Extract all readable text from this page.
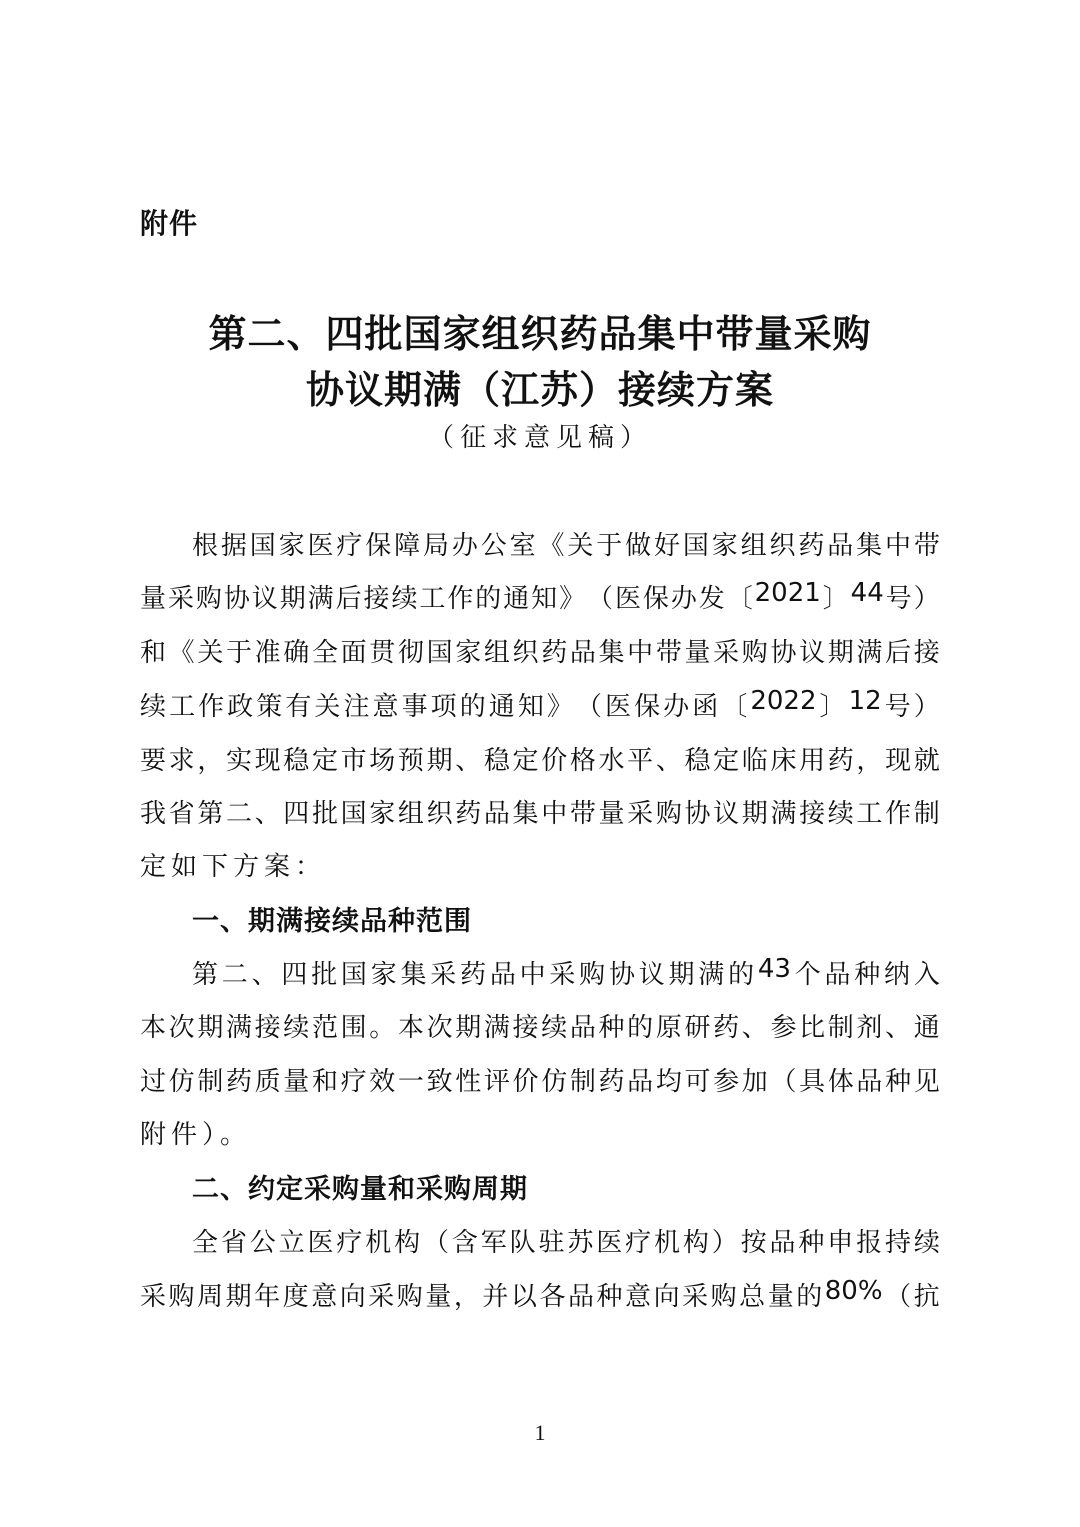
附件
第二、四批国家组织药品集中带量采购
协议期满（江苏）接续方案
（征求意见稿）
根 据 国 家 医 疗 保 障 局 办 公 室 《 关 于 做 好 国 家 组 织 药 品 集 中 带
量 采 购 协 议 期 满 后 接 续 工 作 的 通 知 》 （ 医 保 办 发 〔 2021 〕 44 号 ）
和 《 关 于 准 确 全 面 贯 彻 国 家 组 织 药 品 集 中 带 量 采 购 协 议 期 满 后 接
续 工 作 政 策 有 关 注 意 事 项 的 通 知 》 （ 医 保 办 函 〔 2022 〕 12 号 ）
要 求 ， 实 现 稳 定 市 场 预 期 、 稳 定 价 格 水 平 、 稳 定 临 床 用 药 ， 现 就
我 省 第 二 、 四 批 国 家 组 织 药 品 集 中 带 量 采 购 协 议 期 满 接 续 工 作 制
定如下方案：
一、期满接续品种范围
第 二 、 四 批 国 家 集 采 药 品 中 采 购 协 议 期 满 的 43 个 品 种 纳 入
本 次 期 满 接 续 范 围 。 本 次 期 满 接 续 品 种 的 原 研 药 、 参 比 制 剂 、 通
过 仿 制 药 质 量 和 疗 效 一 致 性 评 价 仿 制 药 品 均 可 参 加 （ 具 体 品 种 见
附件）。
二、约定采购量和采购周期
全 省 公 立 医 疗 机 构 （ 含 军 队 驻 苏 医 疗 机 构 ） 按 品 种 申 报 持 续
采 购 周 期 年 度 意 向 采 购 量 ， 并 以 各 品 种 意 向 采 购 总 量 的 80% （ 抗
1
